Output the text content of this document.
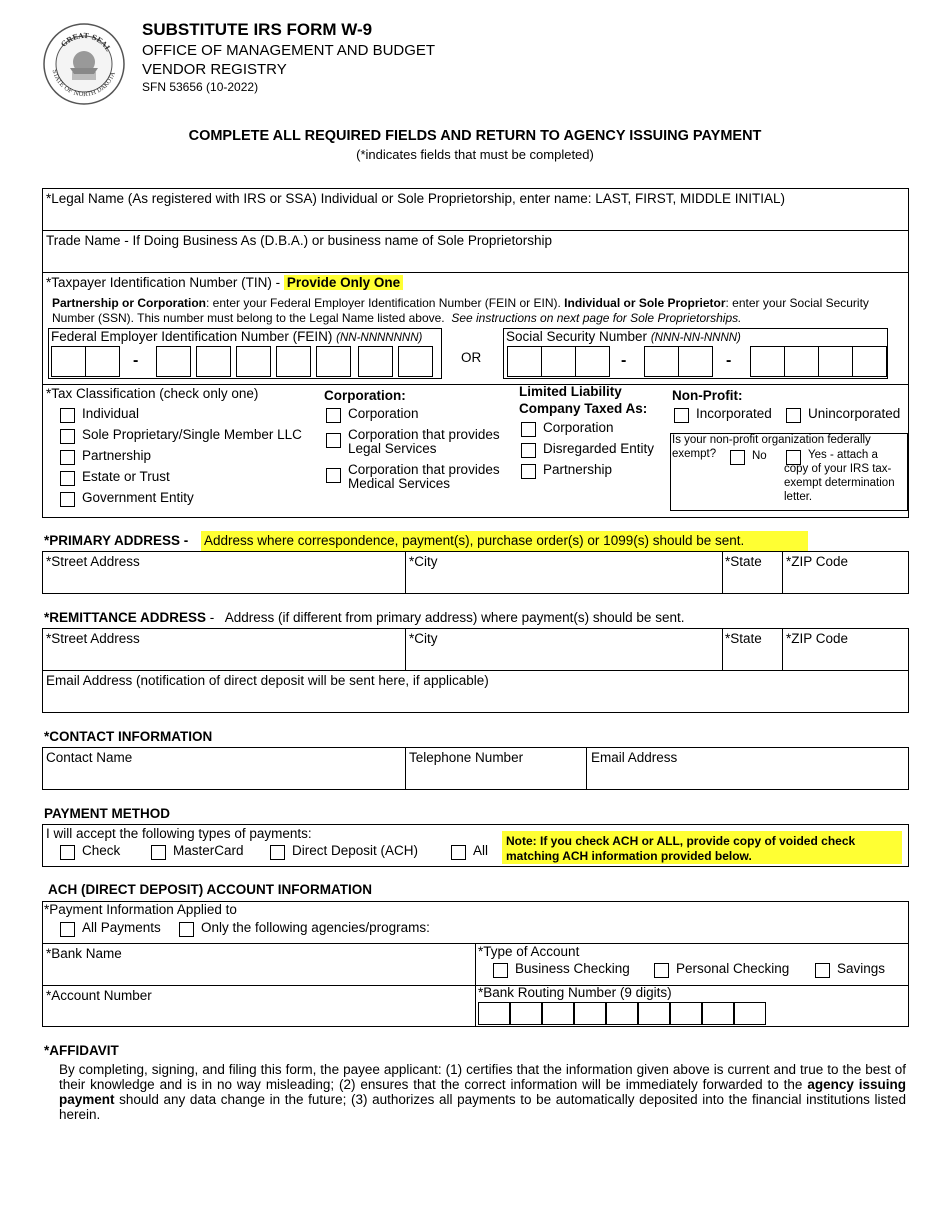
GREAT SEAL
STATE OF NORTH DAKOTA
SUBSTITUTE IRS FORM W-9
OFFICE OF MANAGEMENT AND BUDGET
VENDOR REGISTRY
SFN 53656 (10-2022)
COMPLETE ALL REQUIRED FIELDS AND RETURN TO AGENCY ISSUING PAYMENT
(*indicates fields that must be completed)
*Legal Name (As registered with IRS or SSA) Individual or Sole Proprietorship, enter name: LAST, FIRST, MIDDLE INITIAL)
Trade Name - If Doing Business As (D.B.A.) or business name of Sole Proprietorship
*Taxpayer Identification Number (TIN) - Provide Only One
Partnership or Corporation: enter your Federal Employer Identification Number (FEIN or EIN). Individual or Sole Proprietor: enter your Social Security
Number (SSN). This number must belong to the Legal Name listed above. See instructions on next page for Sole Proprietorships.
Federal Employer Identification Number (FEIN) (NN-NNNNNNN)
-	OR
Social Security Number (NNN-NN-NNNN)
-	-
*Tax Classification (check only one)
Individual
Sole Proprietary/Single Member LLC
Partnership
Estate or Trust
Government Entity
Corporation:
Corporation
Corporation that provides
Legal Services
Corporation that provides
Medical Services
Limited Liability
Company Taxed As:
Corporation
Disregarded Entity
Partnership
Non-Profit:
Incorporated	Unincorporated
Is your non-profit organization federally
exempt?	No	Yes - attach a
copy of your IRS tax-
exempt determination
letter.
*PRIMARY ADDRESS - Address where correspondence, payment(s), purchase order(s) or 1099(s) should be sent.
*Street Address	*City	*State *ZIP Code
*REMITTANCE ADDRESS -   Address (if different from primary address) where payment(s) should be sent.
*Street Address	*City	*State *ZIP Code
Email Address (notification of direct deposit will be sent here, if applicable)
*CONTACT INFORMATION
Contact Name	Telephone Number	Email Address
PAYMENT METHOD
I will accept the following types of payments:
Check	MasterCard	Direct Deposit (ACH)	All
Note: If you check ACH or ALL, provide copy of voided check
matching ACH information provided below.
ACH (DIRECT DEPOSIT) ACCOUNT INFORMATION
*Payment Information Applied to
All Payments	Only the following agencies/programs:
*Bank Name	*Type of Account
Business Checking	Personal Checking	Savings
*Account Number	*Bank Routing Number (9 digits)
*AFFIDAVIT
By completing, signing, and filing this form, the payee applicant: (1) certifies that the information given above is current and true to the best of their knowledge and is in no way misleading; (2) ensures that the correct information will be immediately forwarded to the agency issuing payment should any data change in the future; (3) authorizes all payments to be automatically deposited into the financial institutions listed herein.
